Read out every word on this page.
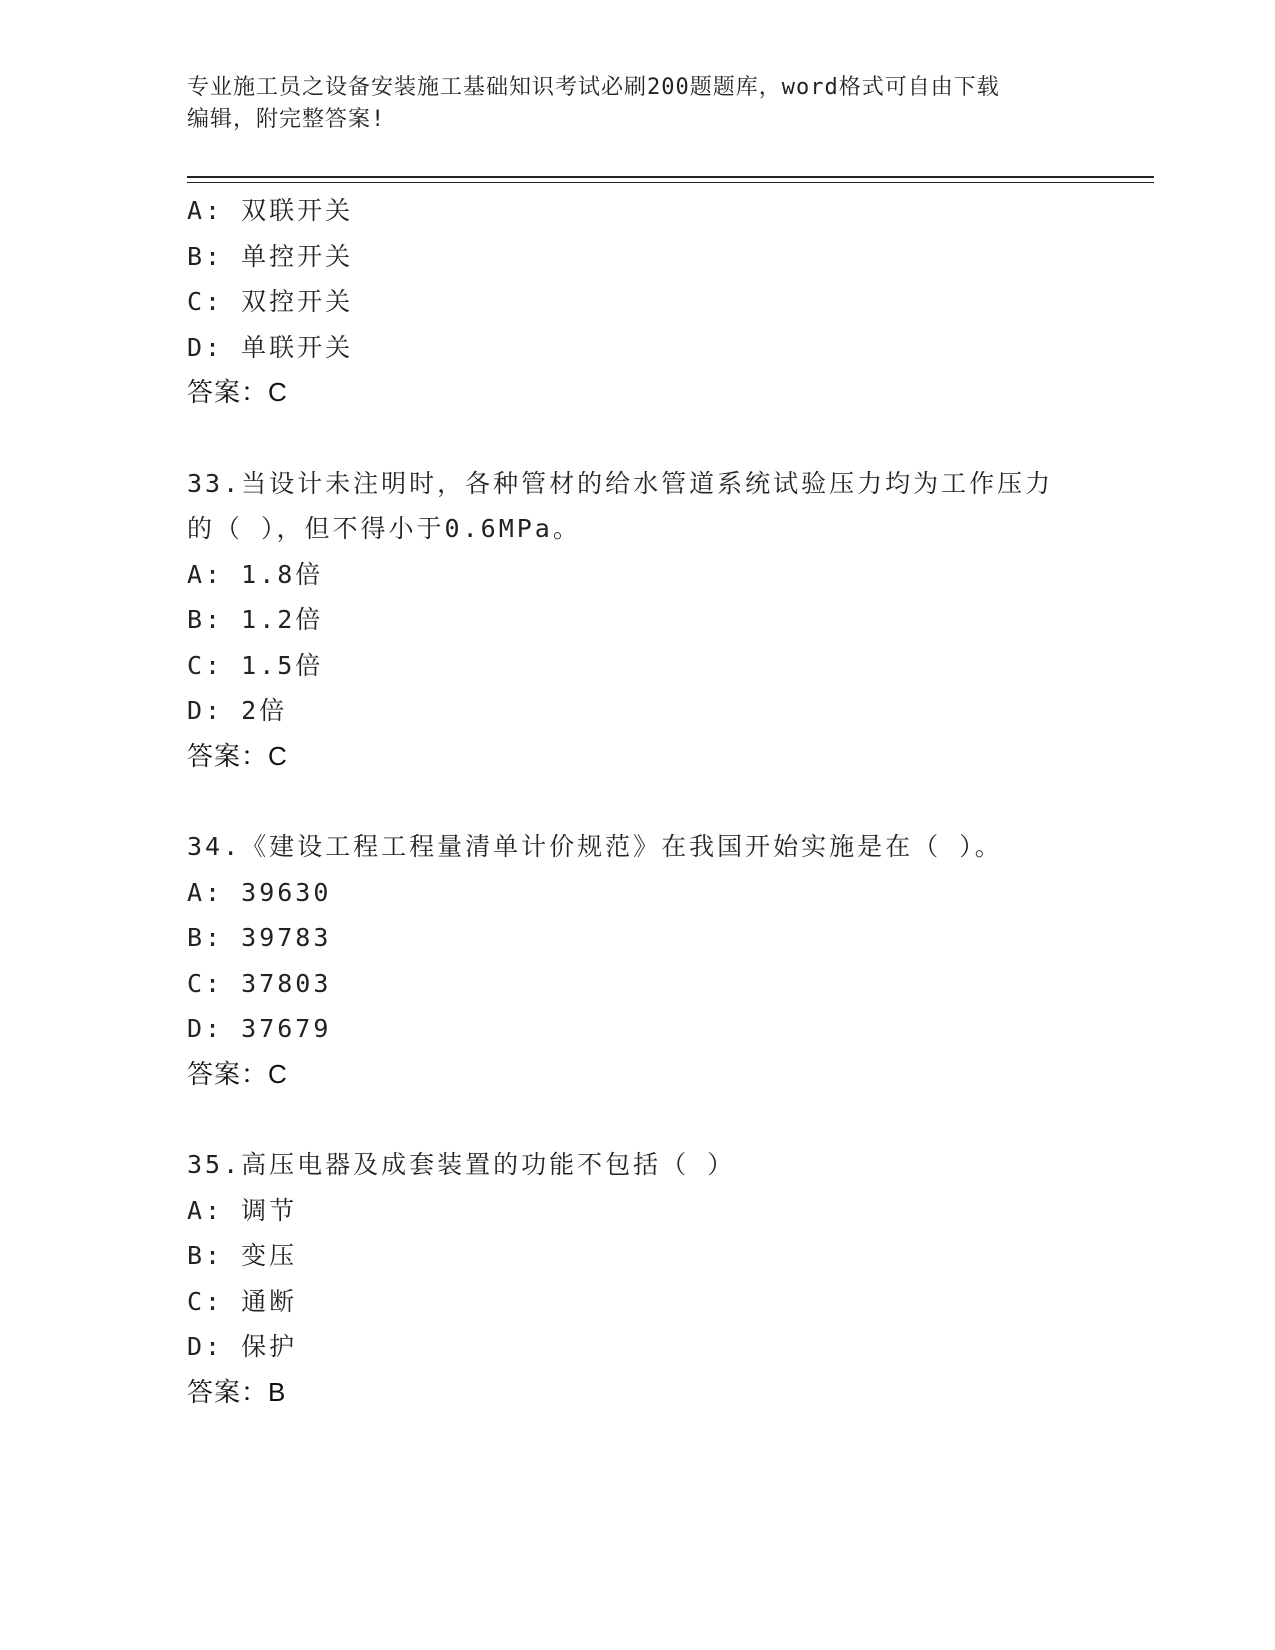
专业施工员之设备安装施工基础知识考试必刷200题题库，word格式可自由下载
编辑，附完整答案!
A: 双联开关
B: 单控开关
C: 双控开关
D: 单联开关
答案：C
33.当设计未注明时，各种管材的给水管道系统试验压力均为工作压力
的（ ），但不得小于0.6MPa。
A: 1.8倍
B: 1.2倍
C: 1.5倍
D: 2倍
答案：C
34.《建设工程工程量清单计价规范》在我国开始实施是在（ ）。
A: 39630
B: 39783
C: 37803
D: 37679
答案：C
35.高压电器及成套装置的功能不包括（ ）
A: 调节
B: 变压
C: 通断
D: 保护
答案：B
